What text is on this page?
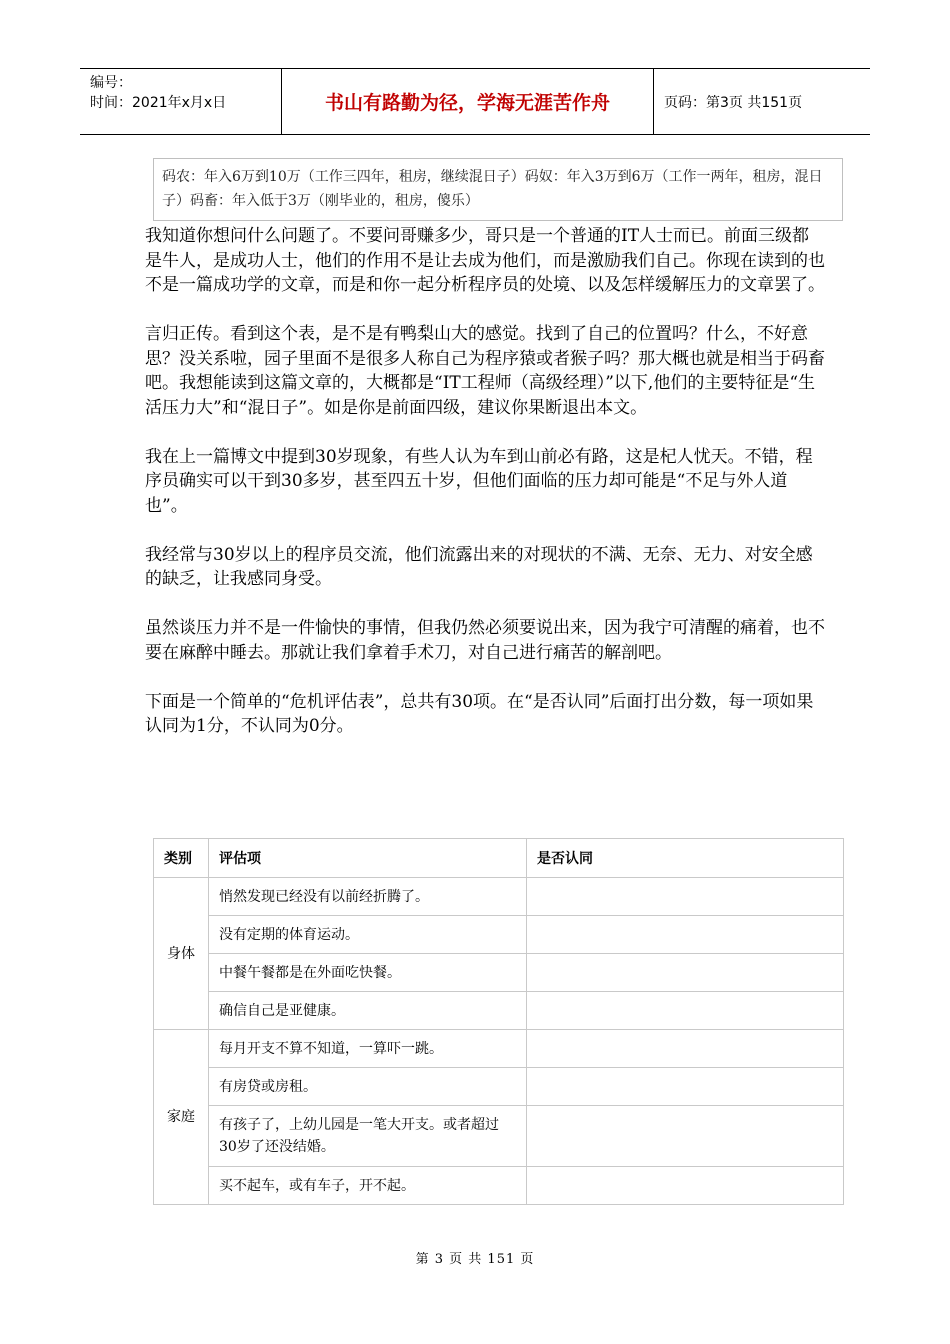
编号：
时间：2021年x月x日	书山有路勤为径，学海无涯苦作舟	页码：第3页 共151页
码农：年入6万到10万（工作三四年，租房，继续混日子）码奴：年入3万到6万（工作一两年，租房，混日子）码畜：年入低于3万（刚毕业的，租房，傻乐）

我知道你想问什么问题了。不要问哥赚多少，哥只是一个普通的IT人士而已。前面三级都是牛人，是成功人士，他们的作用不是让去成为他们，而是激励我们自己。你现在读到的也不是一篇成功学的文章，而是和你一起分析程序员的处境、以及怎样缓解压力的文章罢了。

言归正传。看到这个表，是不是有鸭梨山大的感觉。找到了自己的位置吗？什么，不好意思？没关系啦，园子里面不是很多人称自己为程序猿或者猴子吗？那大概也就是相当于码畜吧。我想能读到这篇文章的，大概都是“IT工程师（高级经理）”以下,他们的主要特征是“生活压力大”和“混日子”。如是你是前面四级，建议你果断退出本文。

我在上一篇博文中提到30岁现象，有些人认为车到山前必有路，这是杞人忧天。不错，程序员确实可以干到30多岁，甚至四五十岁，但他们面临的压力却可能是“不足与外人道也”。

我经常与30岁以上的程序员交流，他们流露出来的对现状的不满、无奈、无力、对安全感的缺乏，让我感同身受。

虽然谈压力并不是一件愉快的事情，但我仍然必须要说出来，因为我宁可清醒的痛着，也不要在麻醉中睡去。那就让我们拿着手术刀，对自己进行痛苦的解剖吧。

下面是一个简单的“危机评估表”，总共有30项。在“是否认同”后面打出分数，每一项如果认同为1分，不认同为0分。

类别	评估项	是否认同
身体	悄然发现已经没有以前经折腾了。	
	没有定期的体育运动。	
	中餐午餐都是在外面吃快餐。	
	确信自己是亚健康。	
家庭	每月开支不算不知道，一算吓一跳。	
	有房贷或房租。	
	有孩子了，上幼儿园是一笔大开支。或者超过30岁了还没结婚。	
	买不起车，或有车子，开不起。	
第 3 页 共 151 页
